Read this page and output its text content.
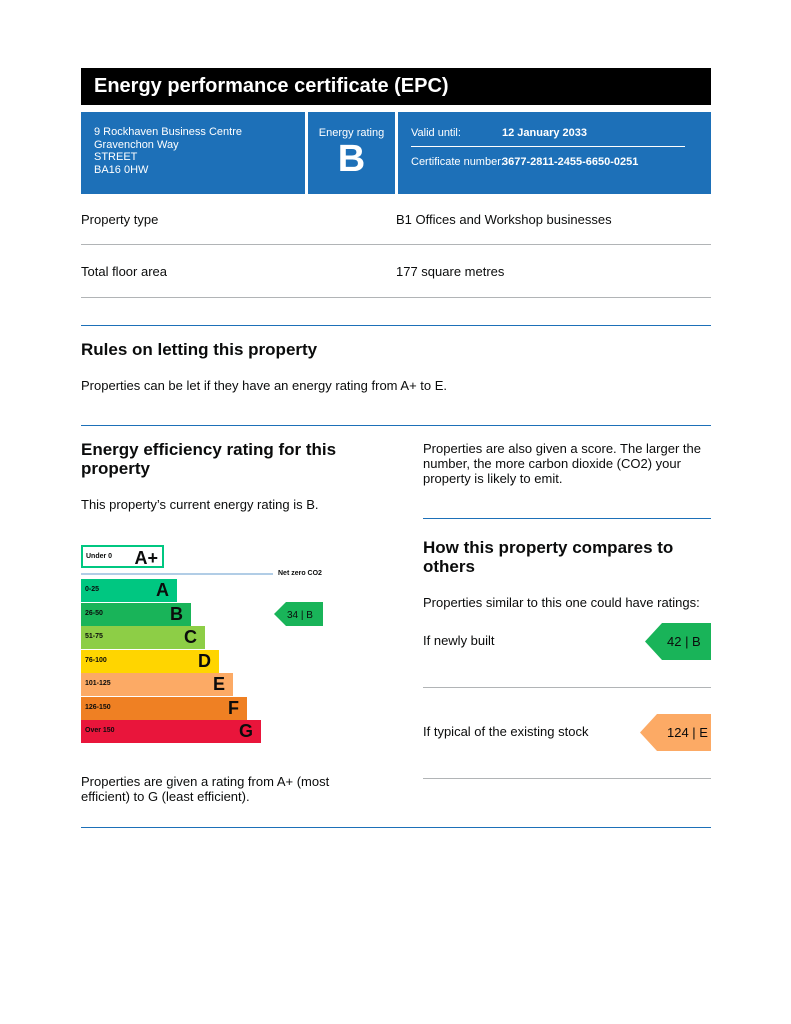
Energy performance certificate (EPC)
9 Rockhaven Business Centre
Gravenchon Way
STREET
BA16 0HW
Energy rating
B
Valid until:	12 January 2033
Certificate number:
3677-2811-2455-6650-0251
Property type	B1 Offices and Workshop businesses
Total floor area	177 square metres
Rules on letting this property
Properties can be let if they have an energy rating from A+ to E.
Energy efficiency rating for this
property
This property’s current energy rating is B.
Under 0 A+
Net zero CO2
0-25	A
26-50	B
51-75	C
76-100	D
101-125	E
126-150	F
Over 150	G
34 | B
Properties are given a rating from A+ (most
efficient) to G (least efficient).
Properties are also given a score. The larger the
number, the more carbon dioxide (CO2) your
property is likely to emit.
How this property compares to
others
Properties similar to this one could have ratings:
If newly built	42 | B
If typical of the existing stock	124 | E
